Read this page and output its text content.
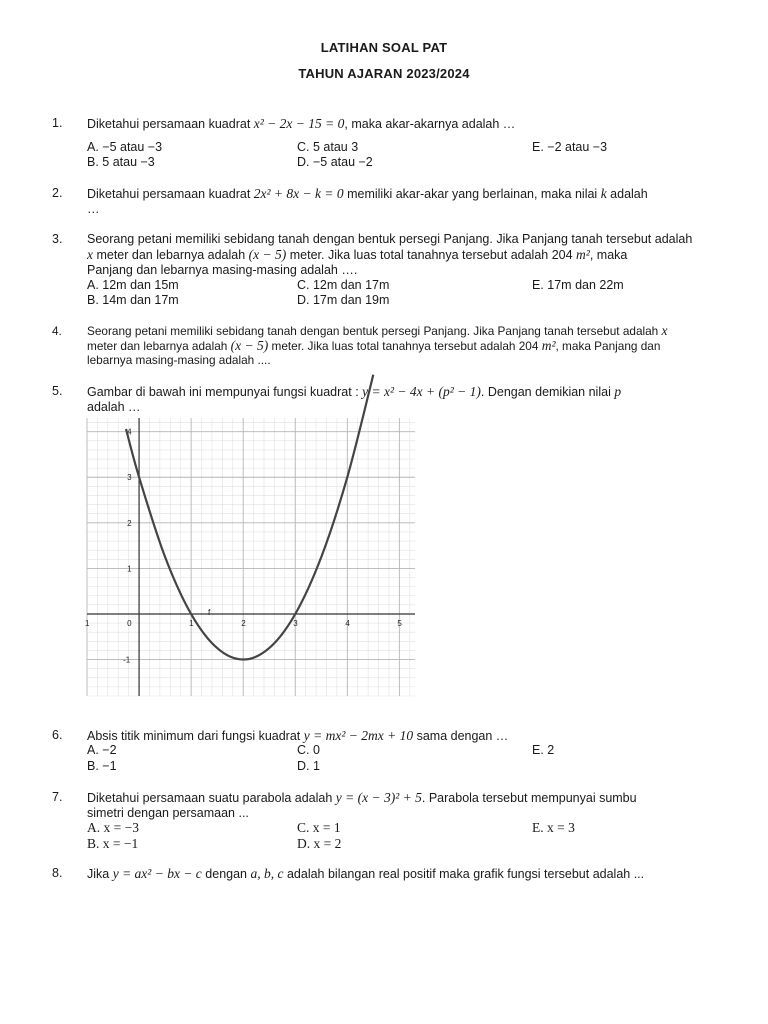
LATIHAN SOAL PAT
TAHUN AJARAN 2023/2024
1. Diketahui persamaan kuadrat x² − 2x − 15 = 0, maka akar-akarnya adalah …
A. −5 atau −3
B. 5 atau −3
C. 5 atau 3
D. −5 atau −2
E. −2 atau −3
2. Diketahui persamaan kuadrat 2x² + 8x − k = 0 memiliki akar-akar yang berlainan, maka nilai k adalah
…
3. Seorang petani memiliki sebidang tanah dengan bentuk persegi Panjang. Jika Panjang tanah tersebut adalah
x meter dan lebarnya adalah (x − 5) meter. Jika luas total tanahnya tersebut adalah 204 m², maka
Panjang dan lebarnya masing-masing adalah ….
A. 12m dan 15m
B. 14m dan 17m
C. 12m dan 17m
D. 17m dan 19m
E. 17m dan 22m
4. Seorang petani memiliki sebidang tanah dengan bentuk persegi Panjang. Jika Panjang tanah tersebut adalah x
meter dan lebarnya adalah (x − 5) meter. Jika luas total tanahnya tersebut adalah 204 m², maka Panjang dan
lebarnya masing-masing adalah ....
5. Gambar di bawah ini mempunyai fungsi kuadrat : y = x² − 4x + (p² − 1). Dengan demikian nilai p
adalah …
1	0	1	2	3	4	5
4
3
2
1
-1
f
6. Absis titik minimum dari fungsi kuadrat y = mx² − 2mx + 10 sama dengan …
A. −2
B. −1
C. 0
D. 1
E. 2
7. Diketahui persamaan suatu parabola adalah y = (x − 3)² + 5. Parabola tersebut mempunyai sumbu
simetri dengan persamaan ...
A. x = −3
B. x = −1
C. x = 1
D. x = 2
E. x = 3
8. Jika y = ax² − bx − c dengan a, b, c adalah bilangan real positif maka grafik fungsi tersebut adalah ...
